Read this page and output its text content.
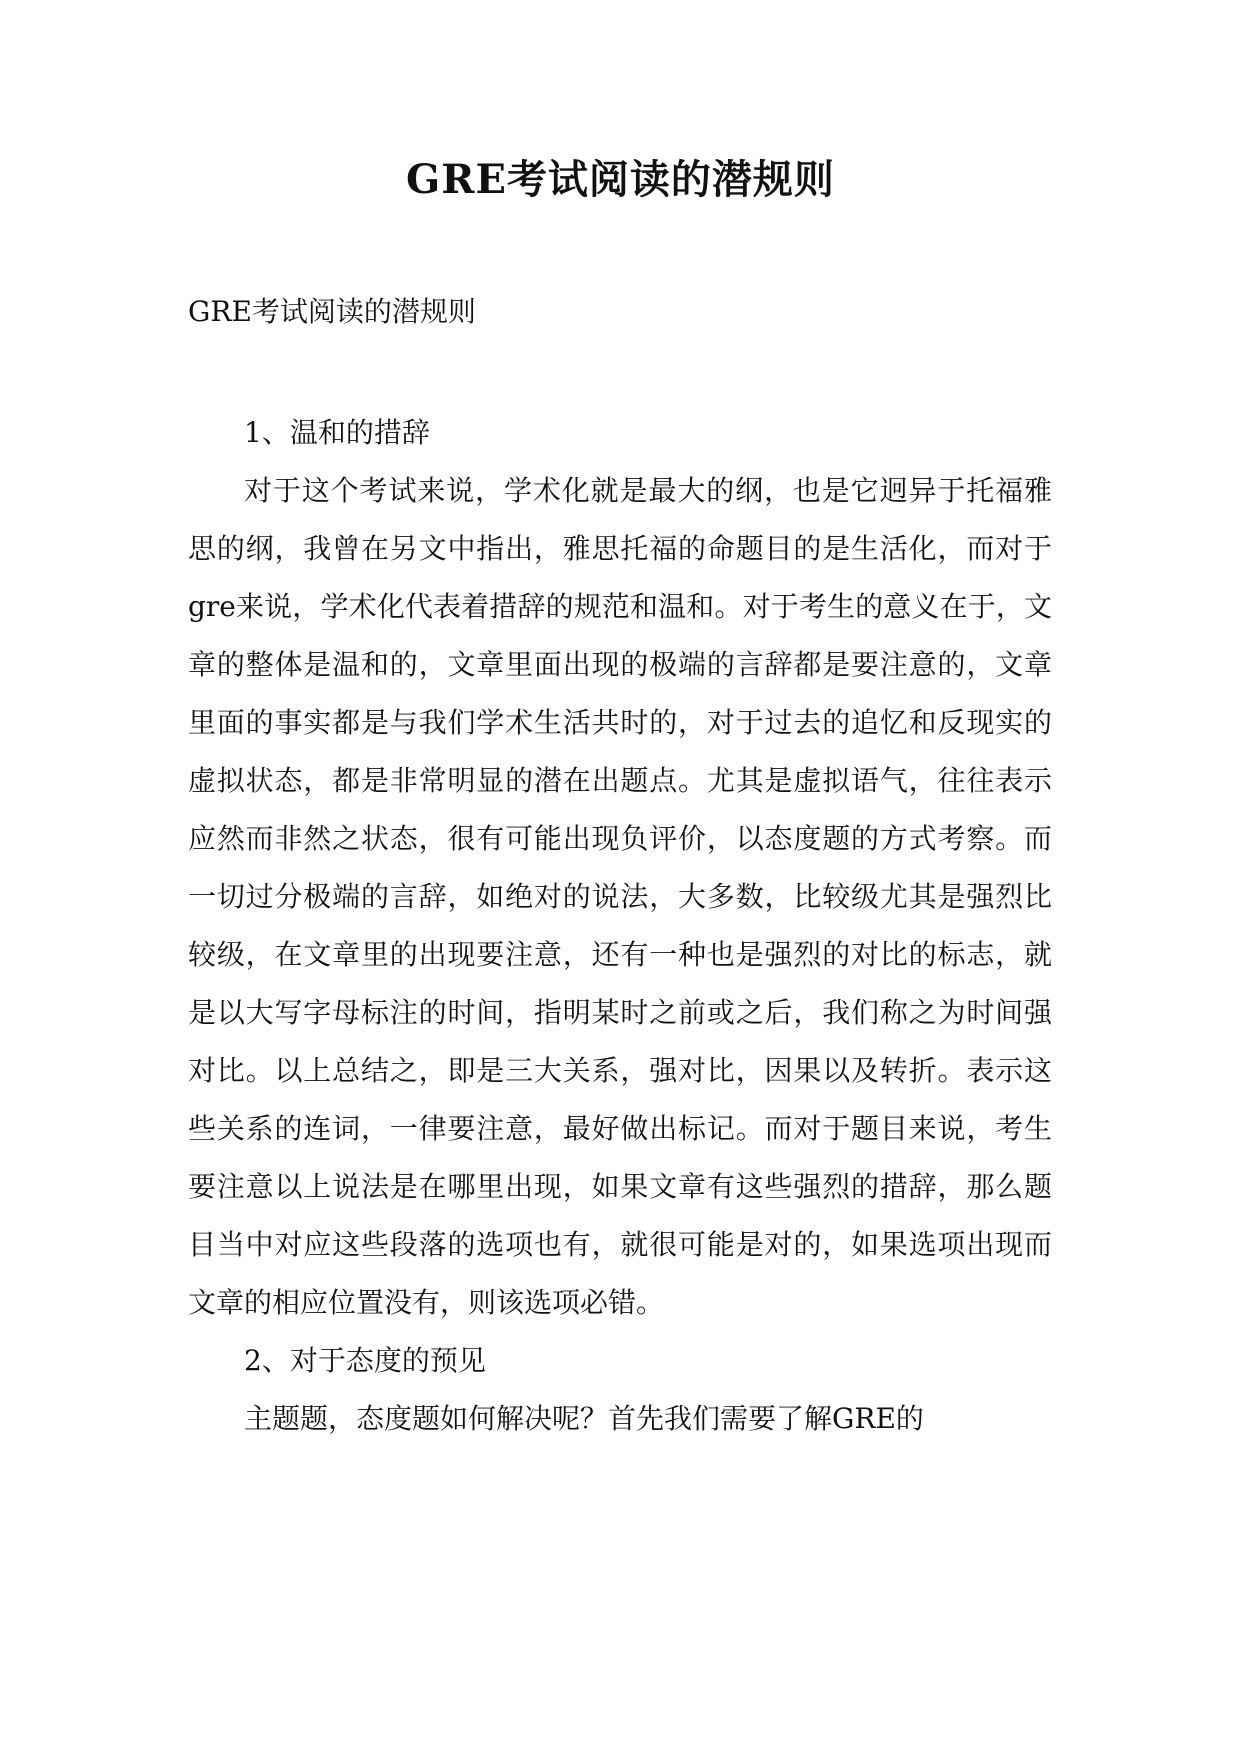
GRE考试阅读的潜规则
GRE考试阅读的潜规则

1、温和的措辞

对于这个考试来说，学术化就是最大的纲，也是它迥异于托福雅思的纲，我曾在另文中指出，雅思托福的命题目的是生活化，而对于gre来说，学术化代表着措辞的规范和温和。对于考生的意义在于，文章的整体是温和的，文章里面出现的极端的言辞都是要注意的，文章里面的事实都是与我们学术生活共时的，对于过去的追忆和反现实的虚拟状态，都是非常明显的潜在出题点。尤其是虚拟语气，往往表示应然而非然之状态，很有可能出现负评价，以态度题的方式考察。而一切过分极端的言辞，如绝对的说法，大多数，比较级尤其是强烈比较级，在文章里的出现要注意，还有一种也是强烈的对比的标志，就是以大写字母标注的时间，指明某时之前或之后，我们称之为时间强对比。以上总结之，即是三大关系，强对比，因果以及转折。表示这些关系的连词，一律要注意，最好做出标记。而对于题目来说，考生要注意以上说法是在哪里出现，如果文章有这些强烈的措辞，那么题目当中对应这些段落的选项也有，就很可能是对的，如果选项出现而文章的相应位置没有，则该选项必错。

2、对于态度的预见

主题题，态度题如何解决呢？首先我们需要了解GRE的
